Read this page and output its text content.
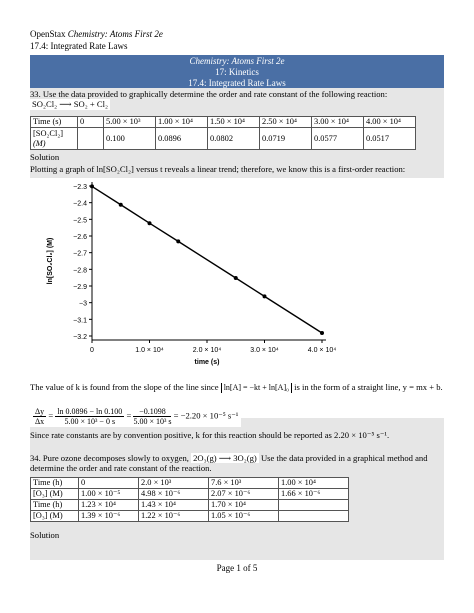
OpenStax Chemistry: Atoms First 2e
17.4: Integrated Rate Laws
Chemistry: Atoms First 2e
17: Kinetics
17.4: Integrated Rate Laws
33. Use the data provided to graphically determine the order and rate constant of the following reaction: SO₂Cl₂ ⟶ SO₂ + Cl₂
Time (s)	0	5.00 × 10³	1.00 × 10⁴	1.50 × 10⁴	2.50 × 10⁴	3.00 × 10⁴	4.00 × 10⁴
[SO₂Cl₂]
(M)		0.100	0.0896	0.0802	0.0719	0.0577	0.0517
Solution
Plotting a graph of ln[SO₂Cl₂] versus t reveals a linear trend; therefore, we know this is a first-order reaction:
−2.3
−2.4
−2.5
−2.6
−2.7
−2.8
−2.9
−3
−3.1
−3.2
0	1.0 × 10⁴	2.0 × 10⁴	3.0 × 10⁴	4.0 × 10⁴
time (s)
ln[SO₂Cl₂] (M)
The value of k is found from the slope of the line since ln[A] = −kt + ln[A]₀ is in the form of a straight line, y = mx + b.
$\frac{\Delta y}{\Delta x} = \frac{\ln 0.0896 - \ln 0.100}{\text{5.00 × 10³ − 0 s}} = \frac{-0.1098}{\text{5.00 × 10³ s}} = -2.20 \times 10^{-5}$ s⁻¹
Since rate constants are by convention positive, k for this reaction should be reported as 2.20 × 10⁻⁵ s⁻¹.
34. Pure ozone decomposes slowly to oxygen, 2O₃(g) ⟶ 3O₂(g) Use the data provided in a graphical method and determine the order and rate constant of the reaction.
Time (h)	0	2.0 × 10³	7.6 × 10³	1.00 × 10⁴
[O₃] (M)	1.00 × 10⁻⁵	4.98 × 10⁻⁶	2.07 × 10⁻⁶	1.66 × 10⁻⁶
Time (h)	1.23 × 10⁴	1.43 × 10⁴	1.70 × 10⁴	
[O₃] (M)	1.39 × 10⁻⁶	1.22 × 10⁻⁶	1.05 × 10⁻⁶	
Solution
Page 1 of 5
